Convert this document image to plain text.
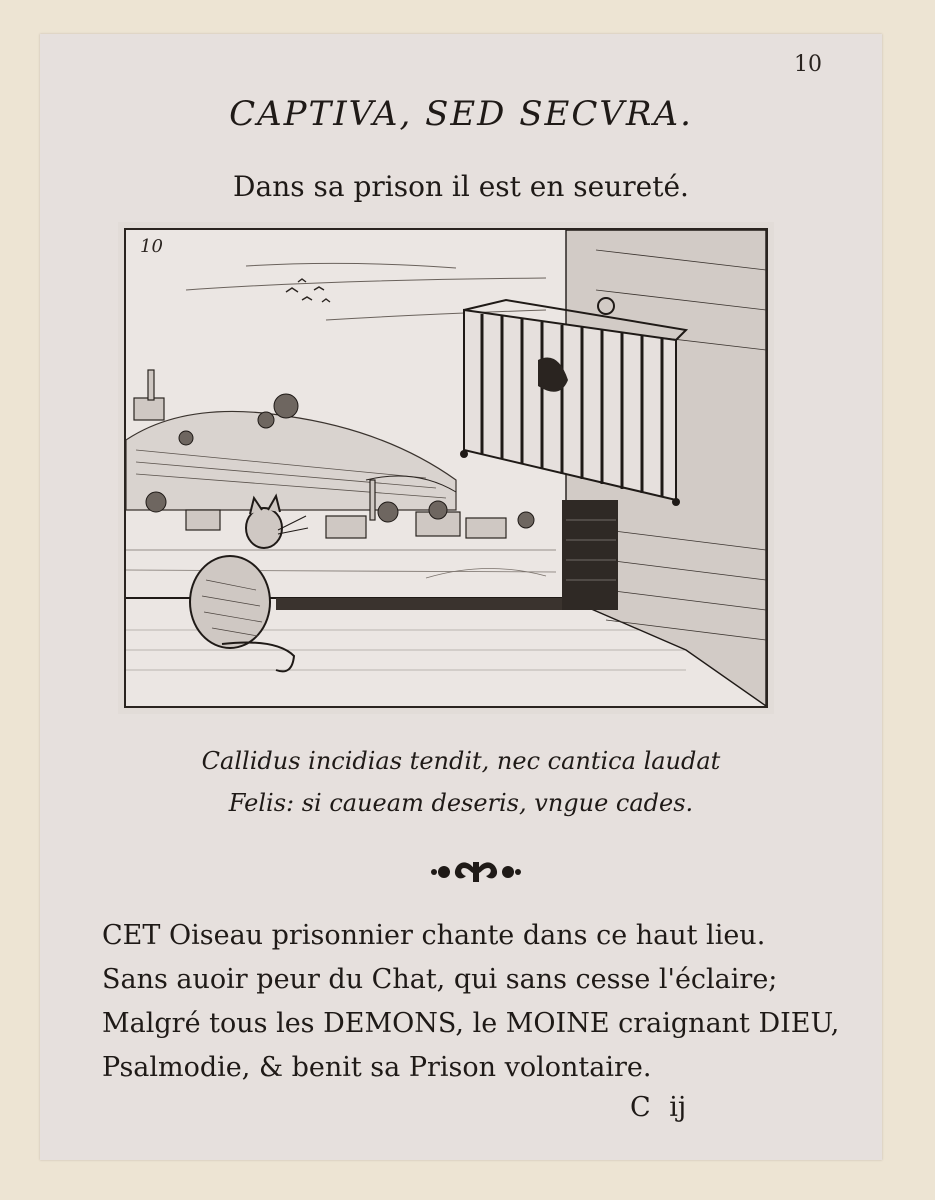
10
CAPTIVA, SED SECVRA.
Dans sa prison il est en seureté.
10
Callidus incidias tendit, nec cantica laudat
Felis: si caueam deseris, vngue cades.
CET Oiseau prisonnier chante dans ce haut lieu.
Sans auoir peur du Chat, qui sans cesse l'éclaire;
Malgré tous les DEMONS, le MOINE craignant DIEU,
Psalmodie, & benit sa Prison volontaire.
C ij
